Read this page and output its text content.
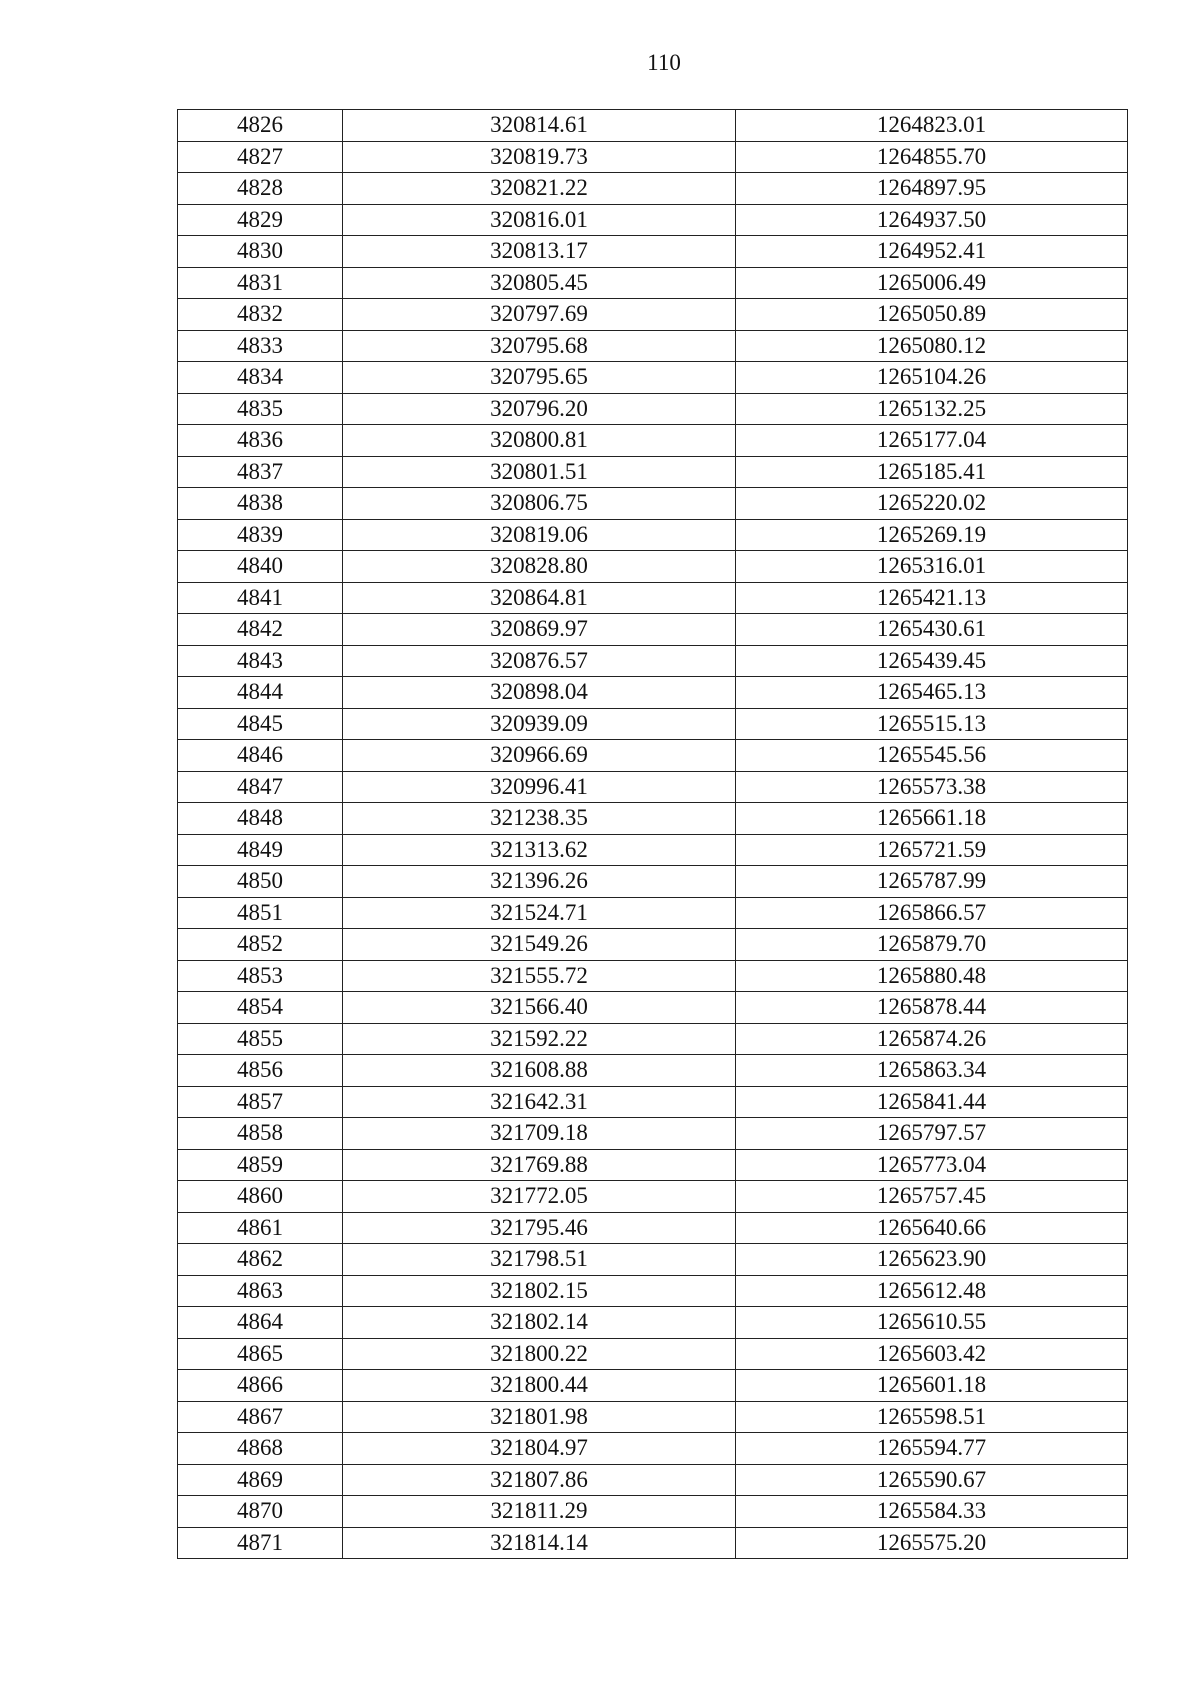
110
4826	320814.61	1264823.01
4827	320819.73	1264855.70
4828	320821.22	1264897.95
4829	320816.01	1264937.50
4830	320813.17	1264952.41
4831	320805.45	1265006.49
4832	320797.69	1265050.89
4833	320795.68	1265080.12
4834	320795.65	1265104.26
4835	320796.20	1265132.25
4836	320800.81	1265177.04
4837	320801.51	1265185.41
4838	320806.75	1265220.02
4839	320819.06	1265269.19
4840	320828.80	1265316.01
4841	320864.81	1265421.13
4842	320869.97	1265430.61
4843	320876.57	1265439.45
4844	320898.04	1265465.13
4845	320939.09	1265515.13
4846	320966.69	1265545.56
4847	320996.41	1265573.38
4848	321238.35	1265661.18
4849	321313.62	1265721.59
4850	321396.26	1265787.99
4851	321524.71	1265866.57
4852	321549.26	1265879.70
4853	321555.72	1265880.48
4854	321566.40	1265878.44
4855	321592.22	1265874.26
4856	321608.88	1265863.34
4857	321642.31	1265841.44
4858	321709.18	1265797.57
4859	321769.88	1265773.04
4860	321772.05	1265757.45
4861	321795.46	1265640.66
4862	321798.51	1265623.90
4863	321802.15	1265612.48
4864	321802.14	1265610.55
4865	321800.22	1265603.42
4866	321800.44	1265601.18
4867	321801.98	1265598.51
4868	321804.97	1265594.77
4869	321807.86	1265590.67
4870	321811.29	1265584.33
4871	321814.14	1265575.20
